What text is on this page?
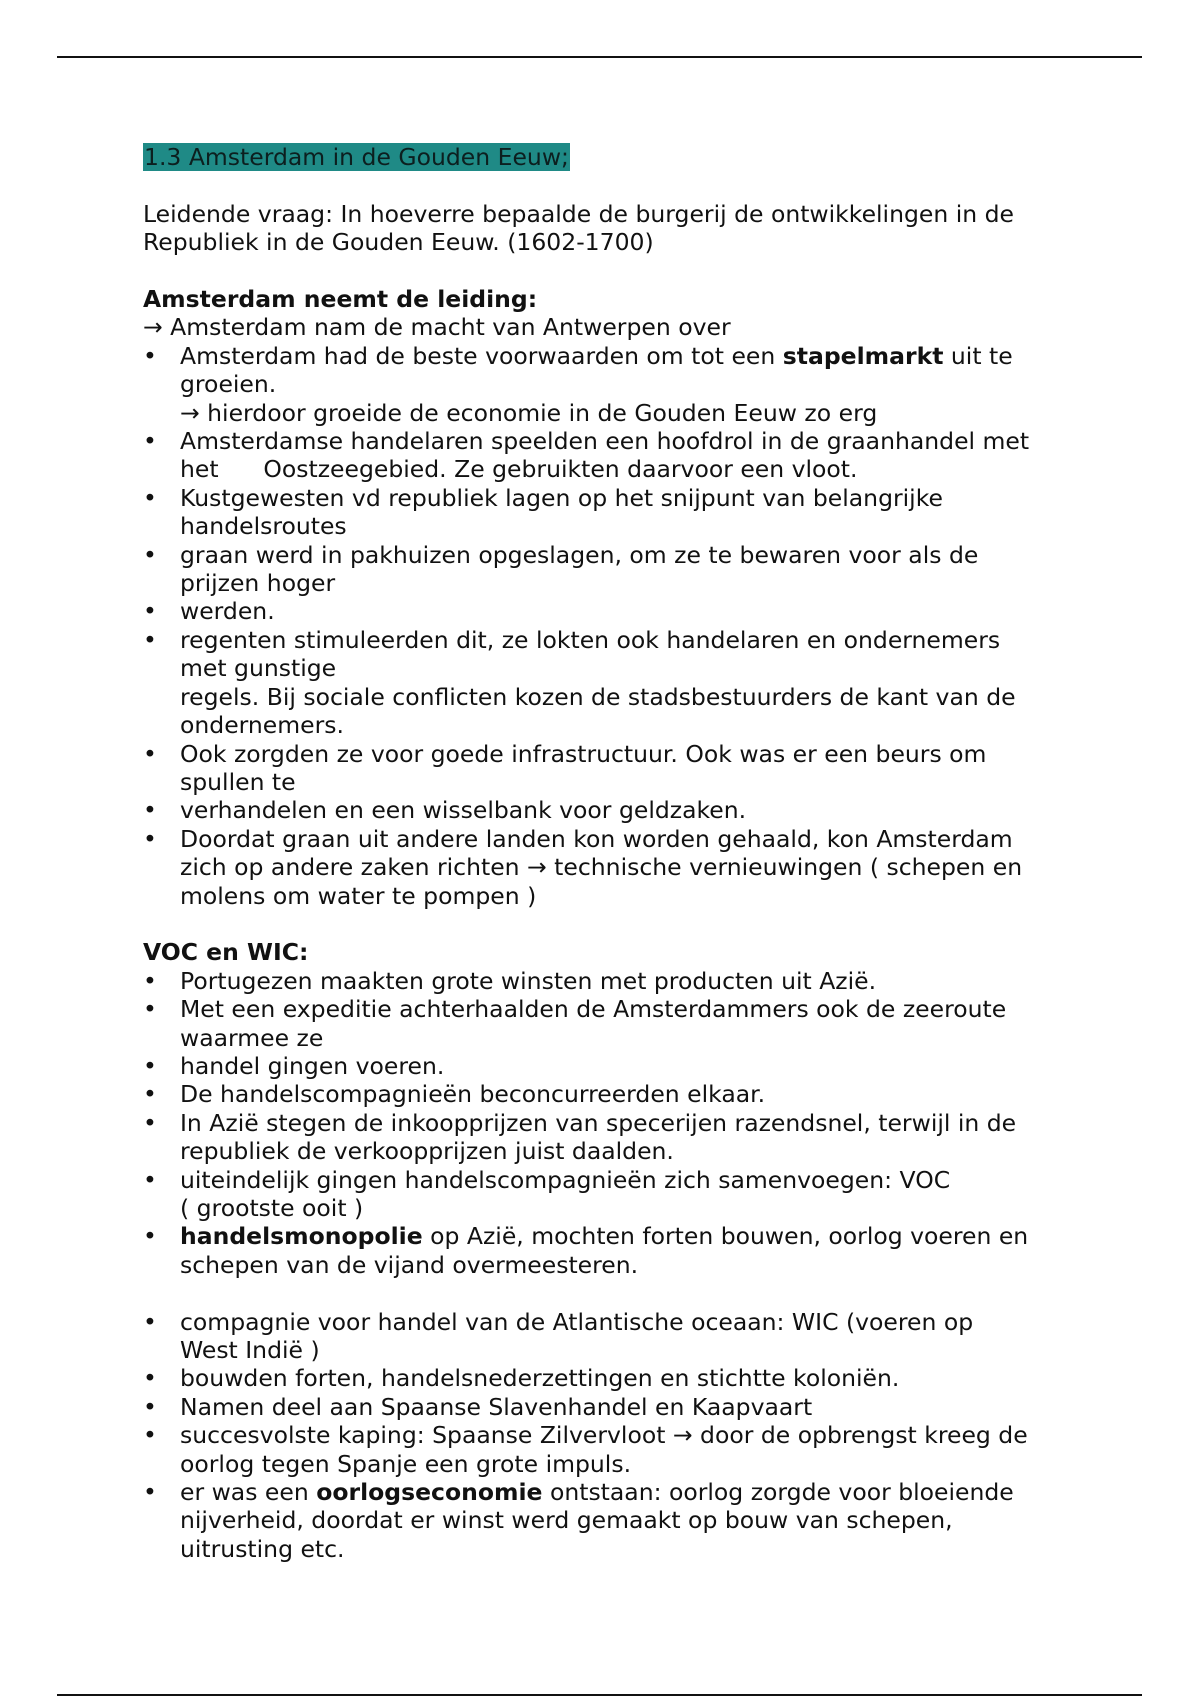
1.3 Amsterdam in de Gouden Eeuw;

Leidende vraag: In hoeverre bepaalde de burgerij de ontwikkelingen in de
Republiek in de Gouden Eeuw. (1602-1700)

Amsterdam neemt de leiding:

→ Amsterdam nam de macht van Antwerpen over

• Amsterdam had de beste voorwaarden om tot een stapelmarkt uit te
groeien.
→ hierdoor groeide de economie in de Gouden Eeuw zo erg
• Amsterdamse handelaren speelden een hoofdrol in de graanhandel met
het      Oostzeegebied. Ze gebruikten daarvoor een vloot.
• Kustgewesten vd republiek lagen op het snijpunt van belangrijke
handelsroutes
• graan werd in pakhuizen opgeslagen, om ze te bewaren voor als de
prijzen hoger
• werden.
• regenten stimuleerden dit, ze lokten ook handelaren en ondernemers
met gunstige
regels. Bij sociale conflicten kozen de stadsbestuurders de kant van de
ondernemers.
• Ook zorgden ze voor goede infrastructuur. Ook was er een beurs om
spullen te
• verhandelen en een wisselbank voor geldzaken.
• Doordat graan uit andere landen kon worden gehaald, kon Amsterdam
zich op andere zaken richten → technische vernieuwingen ( schepen en
molens om water te pompen )

VOC en WIC:

• Portugezen maakten grote winsten met producten uit Azië.
• Met een expeditie achterhaalden de Amsterdammers ook de zeeroute
waarmee ze
• handel gingen voeren.
• De handelscompagnieën beconcurreerden elkaar.
• In Azië stegen de inkoopprijzen van specerijen razendsnel, terwijl in de
republiek de verkoopprijzen juist daalden.
• uiteindelijk gingen handelscompagnieën zich samenvoegen: VOC
( grootste ooit )
• handelsmonopolie op Azië, mochten forten bouwen, oorlog voeren en
schepen van de vijand overmeesteren.
• compagnie voor handel van de Atlantische oceaan: WIC (voeren op
West Indië )
• bouwden forten, handelsnederzettingen en stichtte koloniën.
• Namen deel aan Spaanse Slavenhandel en Kaapvaart
• succesvolste kaping: Spaanse Zilvervloot → door de opbrengst kreeg de
oorlog tegen Spanje een grote impuls.
• er was een oorlogseconomie ontstaan: oorlog zorgde voor bloeiende
nijverheid, doordat er winst werd gemaakt op bouw van schepen,
uitrusting etc.
